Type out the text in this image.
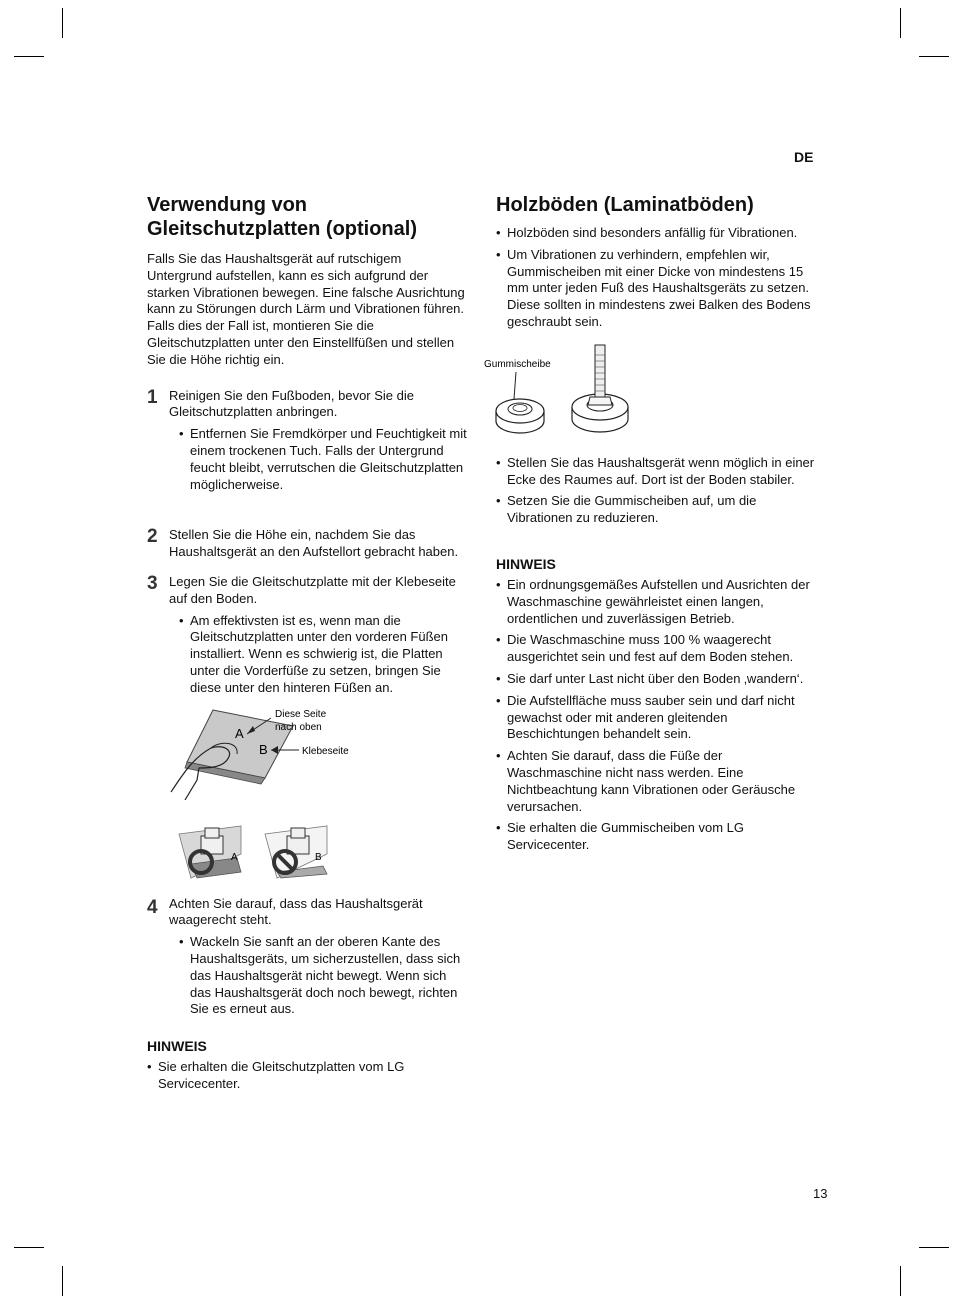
DE
Verwendung von Gleitschutzplatten (optional)

Falls Sie das Haushaltsgerät auf rutschigem Untergrund aufstellen, kann es sich aufgrund der starken Vibrationen bewegen. Eine falsche Ausrichtung kann zu Störungen durch Lärm und Vibrationen führen. Falls dies der Fall ist, montieren Sie die Gleitschutzplatten unter den Einstellfüßen und stellen Sie die Höhe richtig ein.

1 Reinigen Sie den Fußboden, bevor Sie die Gleitschutzplatten anbringen.

• Entfernen Sie Fremdkörper und Feuchtigkeit mit einem trockenen Tuch. Falls der Untergrund feucht bleibt, verrutschen die Gleitschutzplatten möglicherweise.

2 Stellen Sie die Höhe ein, nachdem Sie das Haushaltsgerät an den Aufstellort gebracht haben.

3 Legen Sie die Gleitschutzplatte mit der Klebeseite auf den Boden.

• Am effektivsten ist es, wenn man die Gleitschutzplatten unter den vorderen Füßen installiert. Wenn es schwierig ist, die Platten unter die Vorderfüße zu setzen, bringen Sie diese unter den hinteren Füßen an.

A
B
Diese Seite
nach oben
Klebeseite
A	B
4 Achten Sie darauf, dass das Haushaltsgerät waagerecht steht.

• Wackeln Sie sanft an der oberen Kante des Haushaltsgeräts, um sicherzustellen, dass sich das Haushaltsgerät nicht bewegt. Wenn sich das Haushaltsgerät doch noch bewegt, richten Sie es erneut aus.

HINWEIS

• Sie erhalten die Gleitschutzplatten vom LG Servicecenter.

Holzböden (Laminatböden)

• Holzböden sind besonders anfällig für Vibrationen.

• Um Vibrationen zu verhindern, empfehlen wir, Gummischeiben mit einer Dicke von mindestens 15 mm unter jeden Fuß des Haushaltsgeräts zu setzen. Diese sollten in mindestens zwei Balken des Bodens geschraubt sein.

Gummischeibe

• Stellen Sie das Haushaltsgerät wenn möglich in einer Ecke des Raumes auf. Dort ist der Boden stabiler.

• Setzen Sie die Gummischeiben auf, um die Vibrationen zu reduzieren.

HINWEIS

• Ein ordnungsgemäßes Aufstellen und Ausrichten der Waschmaschine gewährleistet einen langen, ordentlichen und zuverlässigen Betrieb.

• Die Waschmaschine muss 100 % waagerecht ausgerichtet sein und fest auf dem Boden stehen.

• Sie darf unter Last nicht über den Boden ‚wandern‘.

• Die Aufstellfläche muss sauber sein und darf nicht gewachst oder mit anderen gleitenden Beschichtungen behandelt sein.

• Achten Sie darauf, dass die Füße der Waschmaschine nicht nass werden. Eine Nichtbeachtung kann Vibrationen oder Geräusche verursachen.

• Sie erhalten die Gummischeiben vom LG Servicecenter.

13
